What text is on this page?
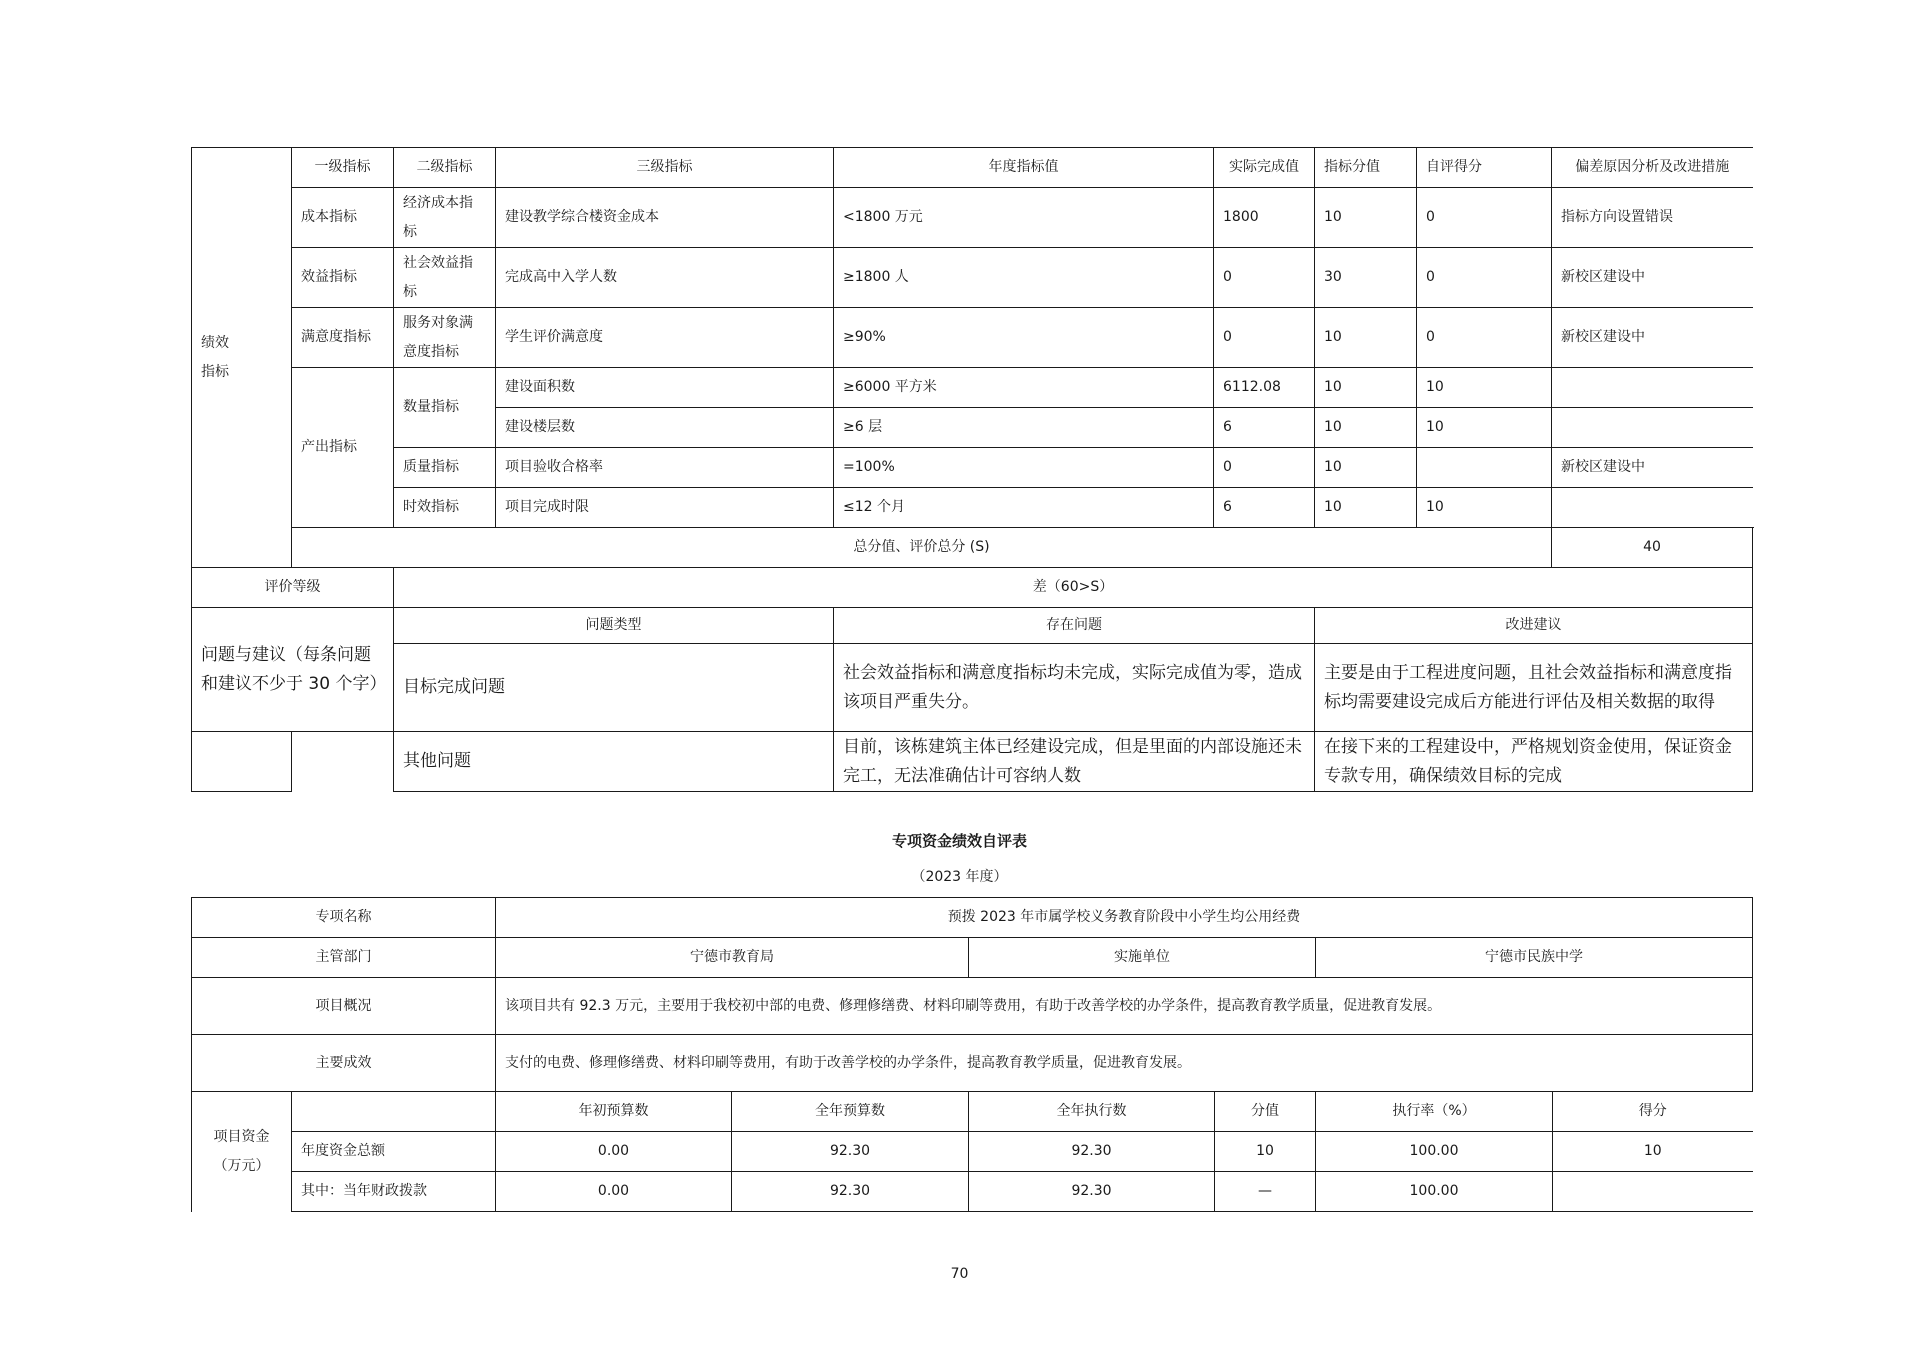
绩效
指标	一级指标	二级指标	三级指标	年度指标值	实际完成值	指标分值	自评得分	偏差原因分析及改进措施
	成本指标	经济成本指标	建设教学综合楼资金成本	<1800 万元	1800	10	0	指标方向设置错误
	效益指标	社会效益指标	完成高中入学人数	≥1800 人	0	30	0	新校区建设中
	满意度指标	服务对象满意度指标	学生评价满意度	≥90%	0	10	0	新校区建设中
	产出指标	数量指标	建设面积数	≥6000 平方米	6112.08	10	10	
			建设楼层数	≥6 层	6	10	10	
		质量指标	项目验收合格率	=100%	0	10		新校区建设中
		时效指标	项目完成时限	≤12 个月	6	10	10	
	总分值、评价总分 (S)							40
评价等级		差（60>S）						
问题与建议（每条问题和建议不少于 30 个字）		问题类型		存在问题		改进建议		
		目标完成问题		社会效益指标和满意度指标均未完成，实际完成值为零，造成该项目严重失分。		主要是由于工程进度问题，且社会效益指标和满意度指标均需要建设完成后方能进行评估及相关数据的取得		
		其他问题		目前，该栋建筑主体已经建设完成，但是里面的内部设施还未完工，无法准确估计可容纳人数		在接下来的工程建设中，严格规划资金使用，保证资金专款专用，确保绩效目标的完成		
专项资金绩效自评表
（2023 年度）
专项名称		预拨 2023 年市属学校义务教育阶段中小学生均公用经费					
主管部门		宁德市教育局		实施单位		宁德市民族中学	
项目概况		该项目共有 92.3 万元，主要用于我校初中部的电费、修理修缮费、材料印刷等费用，有助于改善学校的办学条件，提高教育教学质量，促进教育发展。					
主要成效		支付的电费、修理修缮费、材料印刷等费用，有助于改善学校的办学条件，提高教育教学质量，促进教育发展。					
项目资金
（万元）		年初预算数	全年预算数	全年执行数	分值	执行率（%）	得分
	年度资金总额	0.00	92.30	92.30	10	100.00	10
	其中：当年财政拨款	0.00	92.30	92.30	—	100.00	
70
